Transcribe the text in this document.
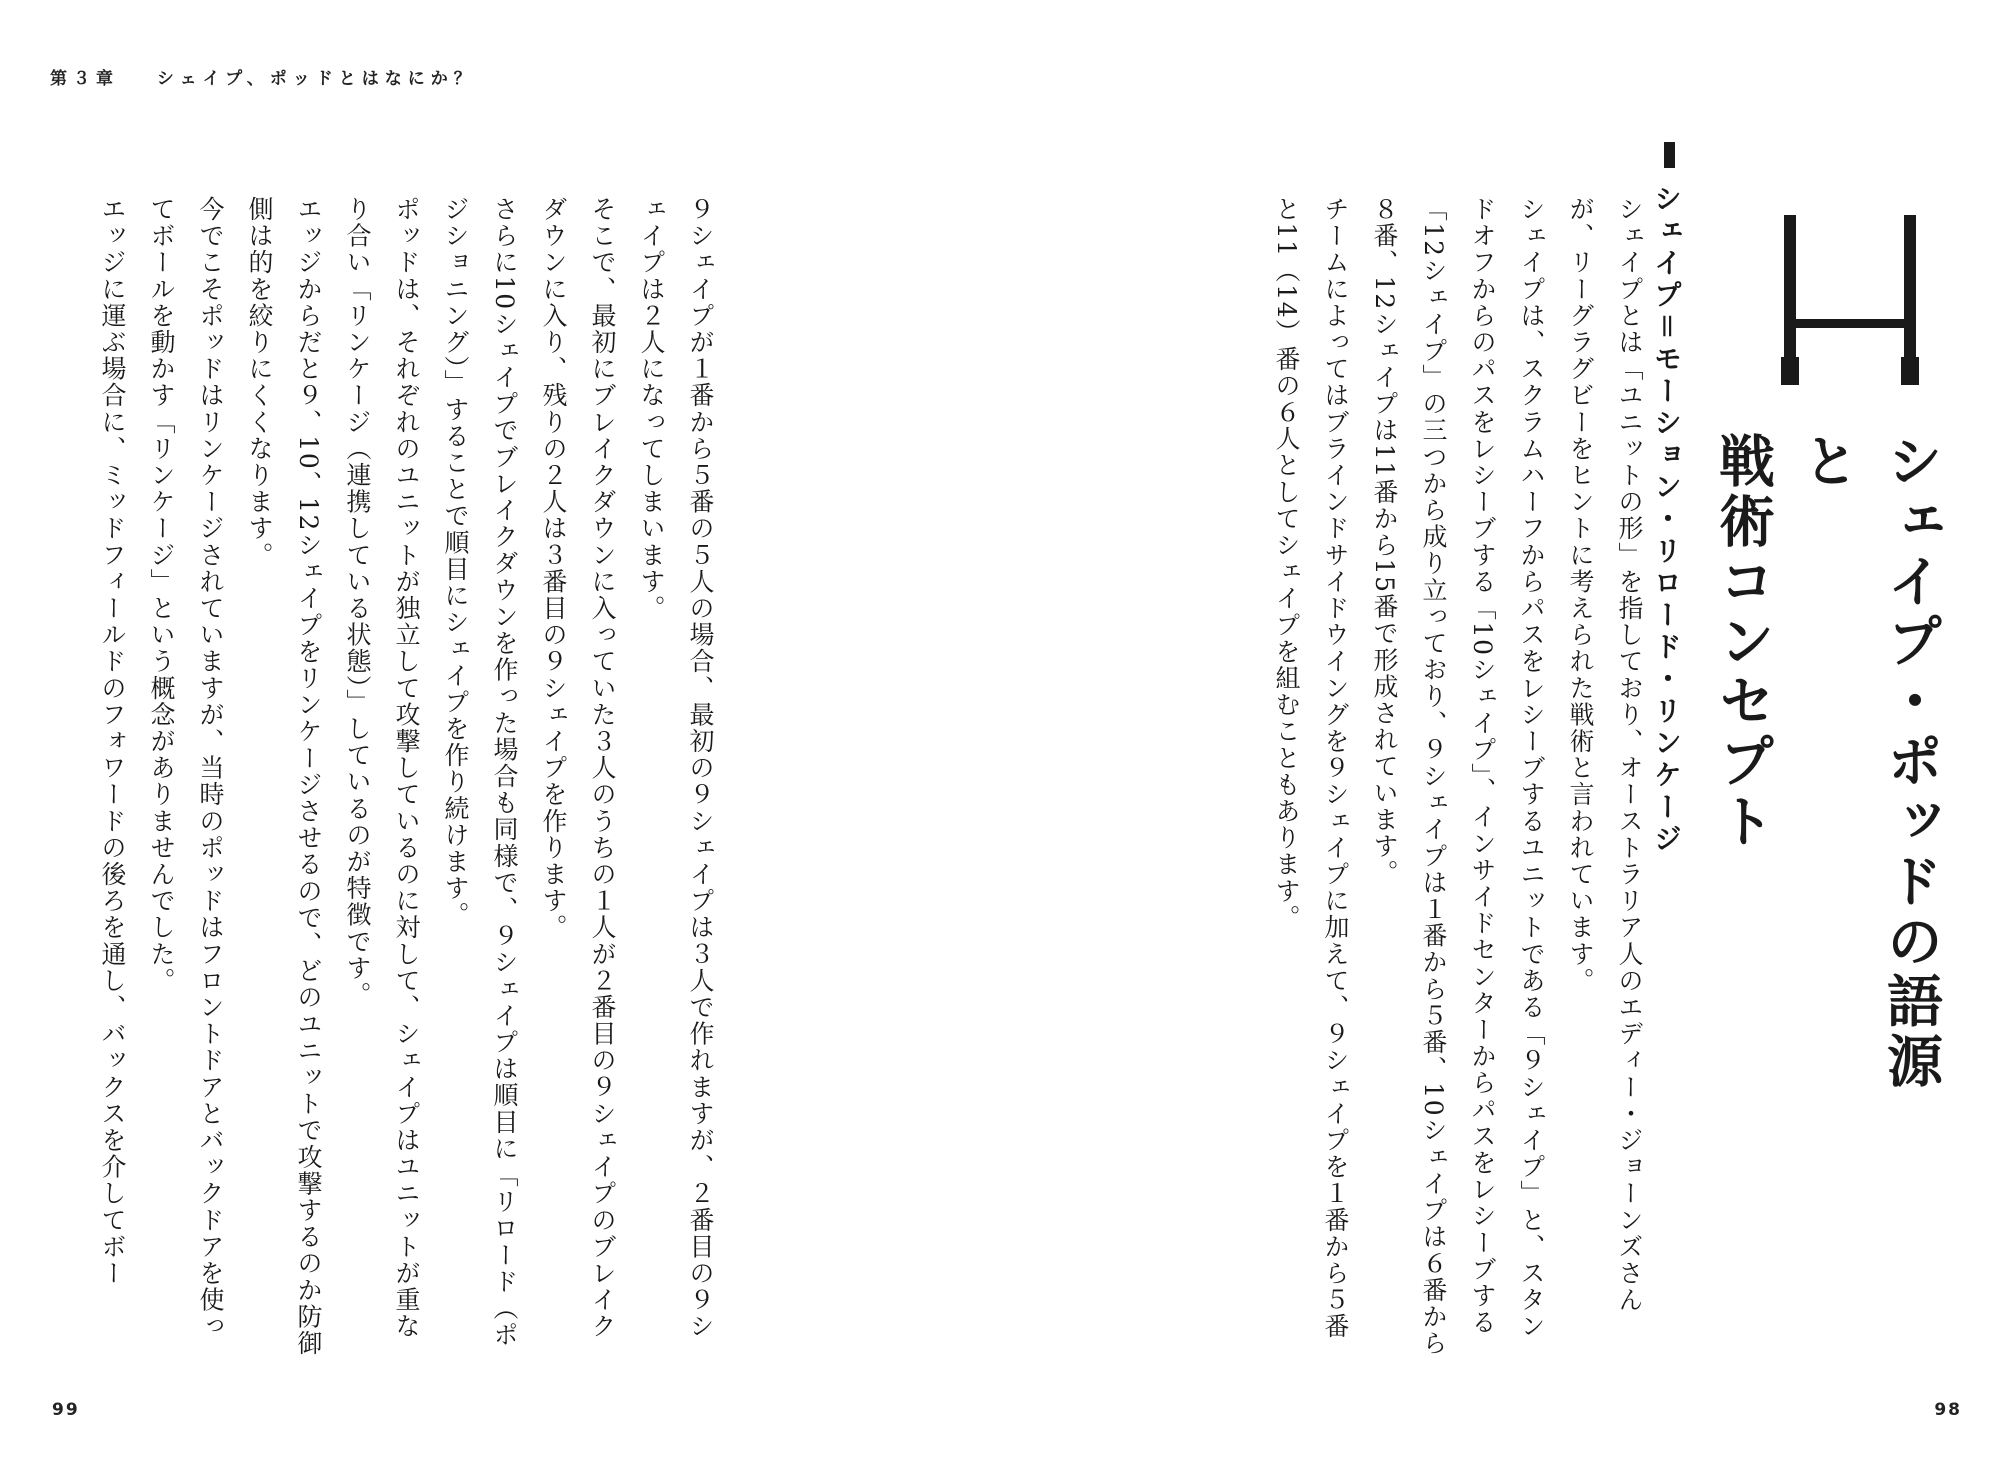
第３章 シェイプ、ポッドとはなにか？
シェイプ・ポッドの語源と
戦術コンセプト
シェイプ＝モーション・リロード・リンケージ

シェイプとは「ユニットの形」を指しており、オーストラリア人のエディー・ジョーンズさんが、リーグラグビーをヒントに考えられた戦術と言われています。

シェイプは、スクラムハーフからパスをレシーブするユニットである「９シェイプ」と、スタンドオフからのパスをレシーブする「10シェイプ」、インサイドセンターからパスをレシーブする「12シェイプ」の三つから成り立っており、９シェイプは１番から５番、10シェイプは６番から８番、12シェイプは11番から15番で形成されています。

チームによってはブラインドサイドウイングを９シェイプに加えて、９シェイプを１番から５番と11（14）番の６人としてシェイプを組むこともあります。

９シェイプが１番から５番の５人の場合、最初の９シェイプは３人で作れますが、２番目の９シェイプは２人になってしまいます。

そこで、最初にブレイクダウンに入っていた３人のうちの１人が２番目の９シェイプのブレイクダウンに入り、残りの２人は３番目の９シェイプを作ります。

さらに10シェイプでブレイクダウンを作った場合も同様で、９シェイプは順目に「リロード（ポジショニング）」することで順目にシェイプを作り続けます。

ポッドは、それぞれのユニットが独立して攻撃しているのに対して、シェイプはユニットが重なり合い「リンケージ（連携している状態）」しているのが特徴です。

エッジからだと９、10、12シェイプをリンケージさせるので、どのユニットで攻撃するのか防御側は的を絞りにくくなります。

今でこそポッドはリンケージされていますが、当時のポッドはフロントドアとバックドアを使ってボールを動かす「リンケージ」という概念がありませんでした。

エッジに運ぶ場合に、ミッドフィールドのフォワードの後ろを通し、バックスを介してボー

99	98
